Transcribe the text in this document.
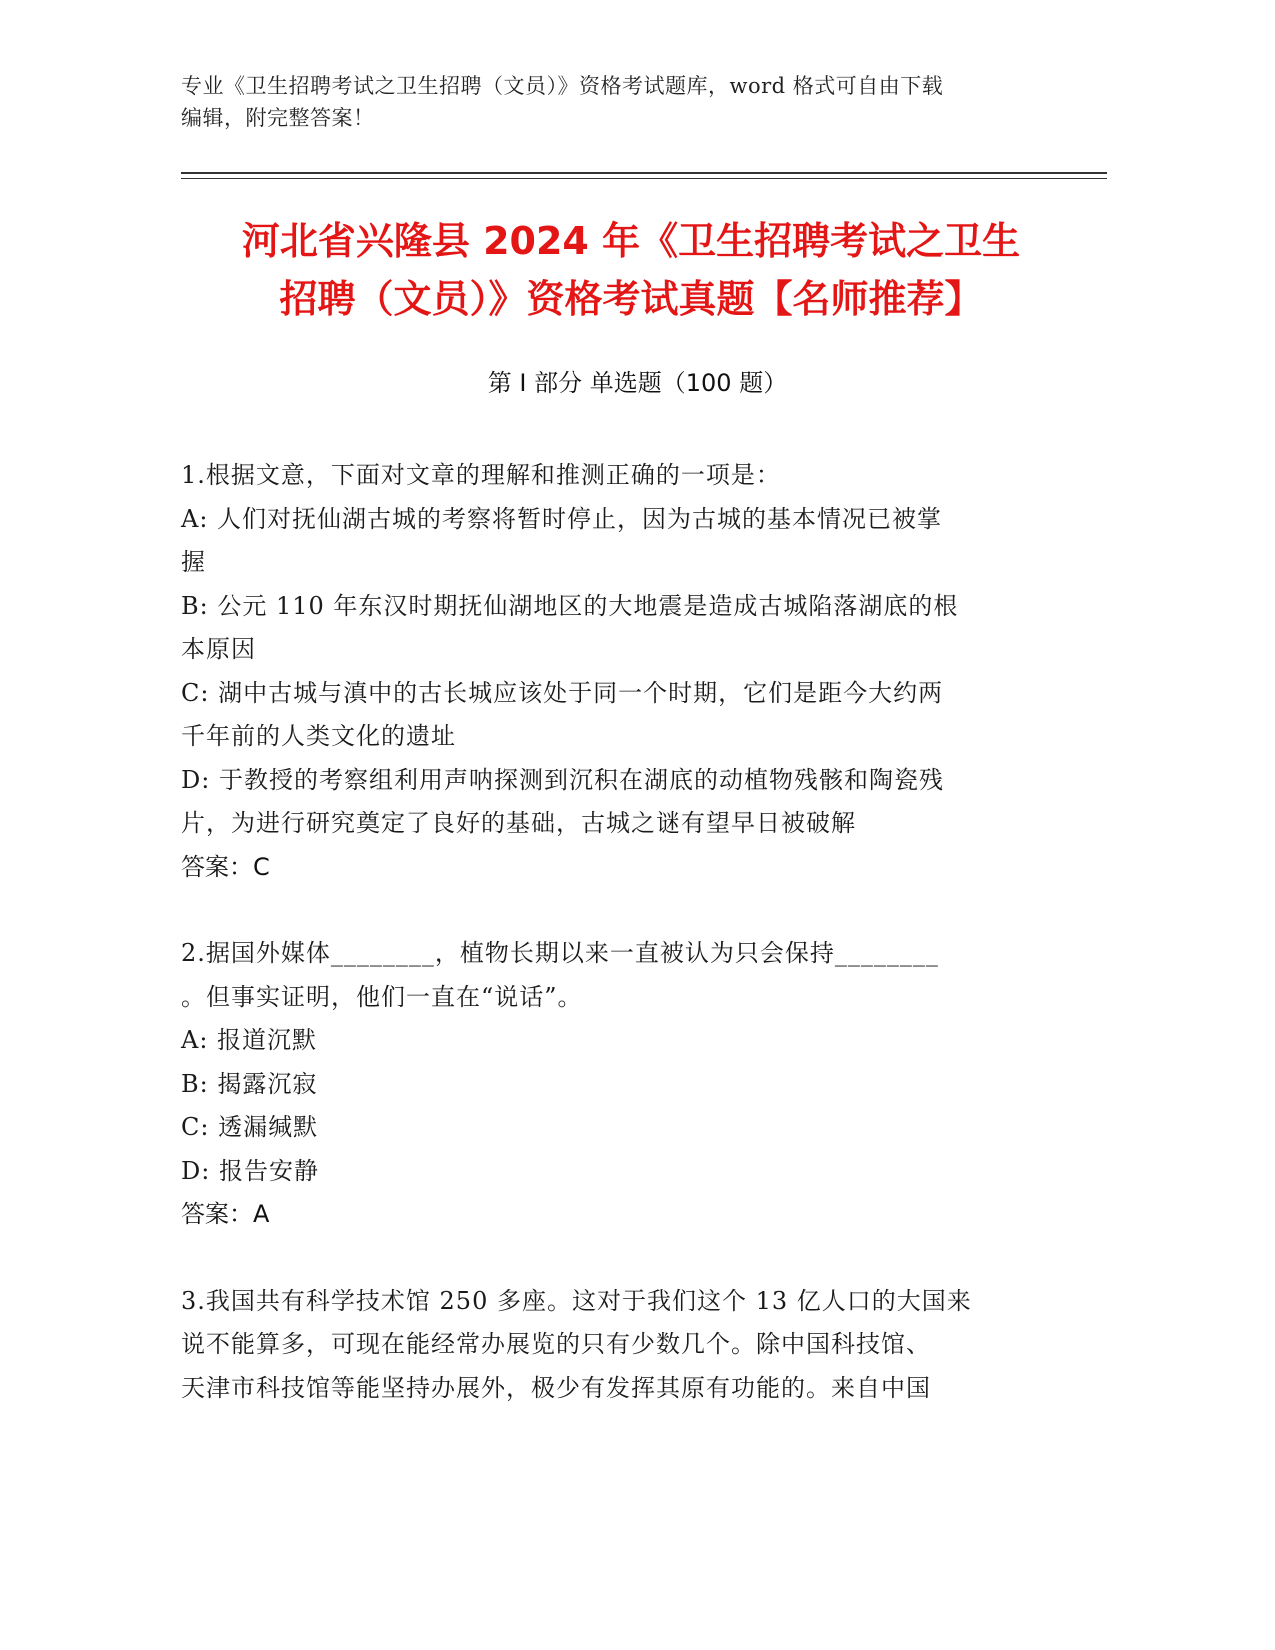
专业《卫生招聘考试之卫生招聘（文员）》资格考试题库，word 格式可自由下载
编辑，附完整答案！
河北省兴隆县 2024 年《卫生招聘考试之卫生
招聘（文员）》资格考试真题【名师推荐】
第 I 部分 单选题（100 题）
1.根据文意，下面对文章的理解和推测正确的一项是：
A: 人们对抚仙湖古城的考察将暂时停止，因为古城的基本情况已被掌
握
B: 公元 110 年东汉时期抚仙湖地区的大地震是造成古城陷落湖底的根
本原因
C: 湖中古城与滇中的古长城应该处于同一个时期，它们是距今大约两
千年前的人类文化的遗址
D: 于教授的考察组利用声呐探测到沉积在湖底的动植物残骸和陶瓷残
片，为进行研究奠定了良好的基础，古城之谜有望早日被破解
答案：C
2.据国外媒体________，植物长期以来一直被认为只会保持________
。但事实证明，他们一直在“说话”。
A: 报道沉默
B: 揭露沉寂
C: 透漏缄默
D: 报告安静
答案：A
3.我国共有科学技术馆 250 多座。这对于我们这个 13 亿人口的大国来
说不能算多，可现在能经常办展览的只有少数几个。除中国科技馆、
天津市科技馆等能坚持办展外，极少有发挥其原有功能的。来自中国
